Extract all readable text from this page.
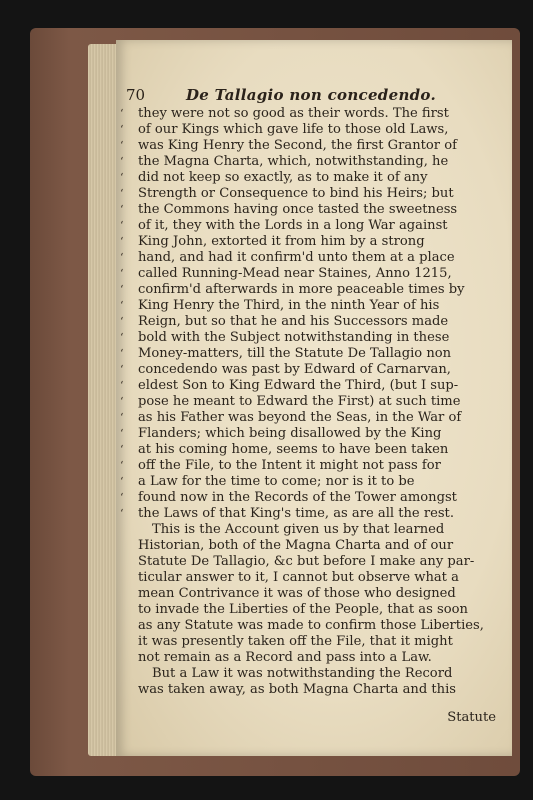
70	De Tallagio non concedendo.
‘	they were not so good as their words. The first
‘	of our Kings which gave life to those old Laws,
‘	was King Henry the Second, the first Grantor of
‘	the Magna Charta, which, notwithstanding, he
‘	did not keep so exactly, as to make it of any
‘	Strength or Consequence to bind his Heirs; but
‘	the Commons having once tasted the sweetness
‘	of it, they with the Lords in a long War against
‘	King John, extorted it from him by a strong
‘	hand, and had it confirm'd unto them at a place
‘	called Running-Mead near Staines, Anno 1215,
‘	confirm'd afterwards in more peaceable times by
‘	King Henry the Third, in the ninth Year of his
‘	Reign, but so that he and his Successors made
‘	bold with the Subject notwithstanding in these
‘	Money-matters, till the Statute De Tallagio non
‘	concedendo was past by Edward of Carnarvan,
‘	eldest Son to King Edward the Third, (but I sup-
‘	pose he meant to Edward the First) at such time
‘	as his Father was beyond the Seas, in the War of
‘	Flanders; which being disallowed by the King
‘	at his coming home, seems to have been taken
‘	off the File, to the Intent it might not pass for
‘	a Law for the time to come; nor is it to be
‘	found now in the Records of the Tower amongst
‘	the Laws of that King's time, as are all the rest.
This is the Account given us by that learned
Historian, both of the Magna Charta and of our
Statute De Tallagio, &c but before I make any par-
ticular answer to it, I cannot but observe what a
mean Contrivance it was of those who designed
to invade the Liberties of the People, that as soon
as any Statute was made to confirm those Liberties,
it was presently taken off the File, that it might
not remain as a Record and pass into a Law.
But a Law it was notwithstanding the Record
was taken away, as both Magna Charta and this
Statute
